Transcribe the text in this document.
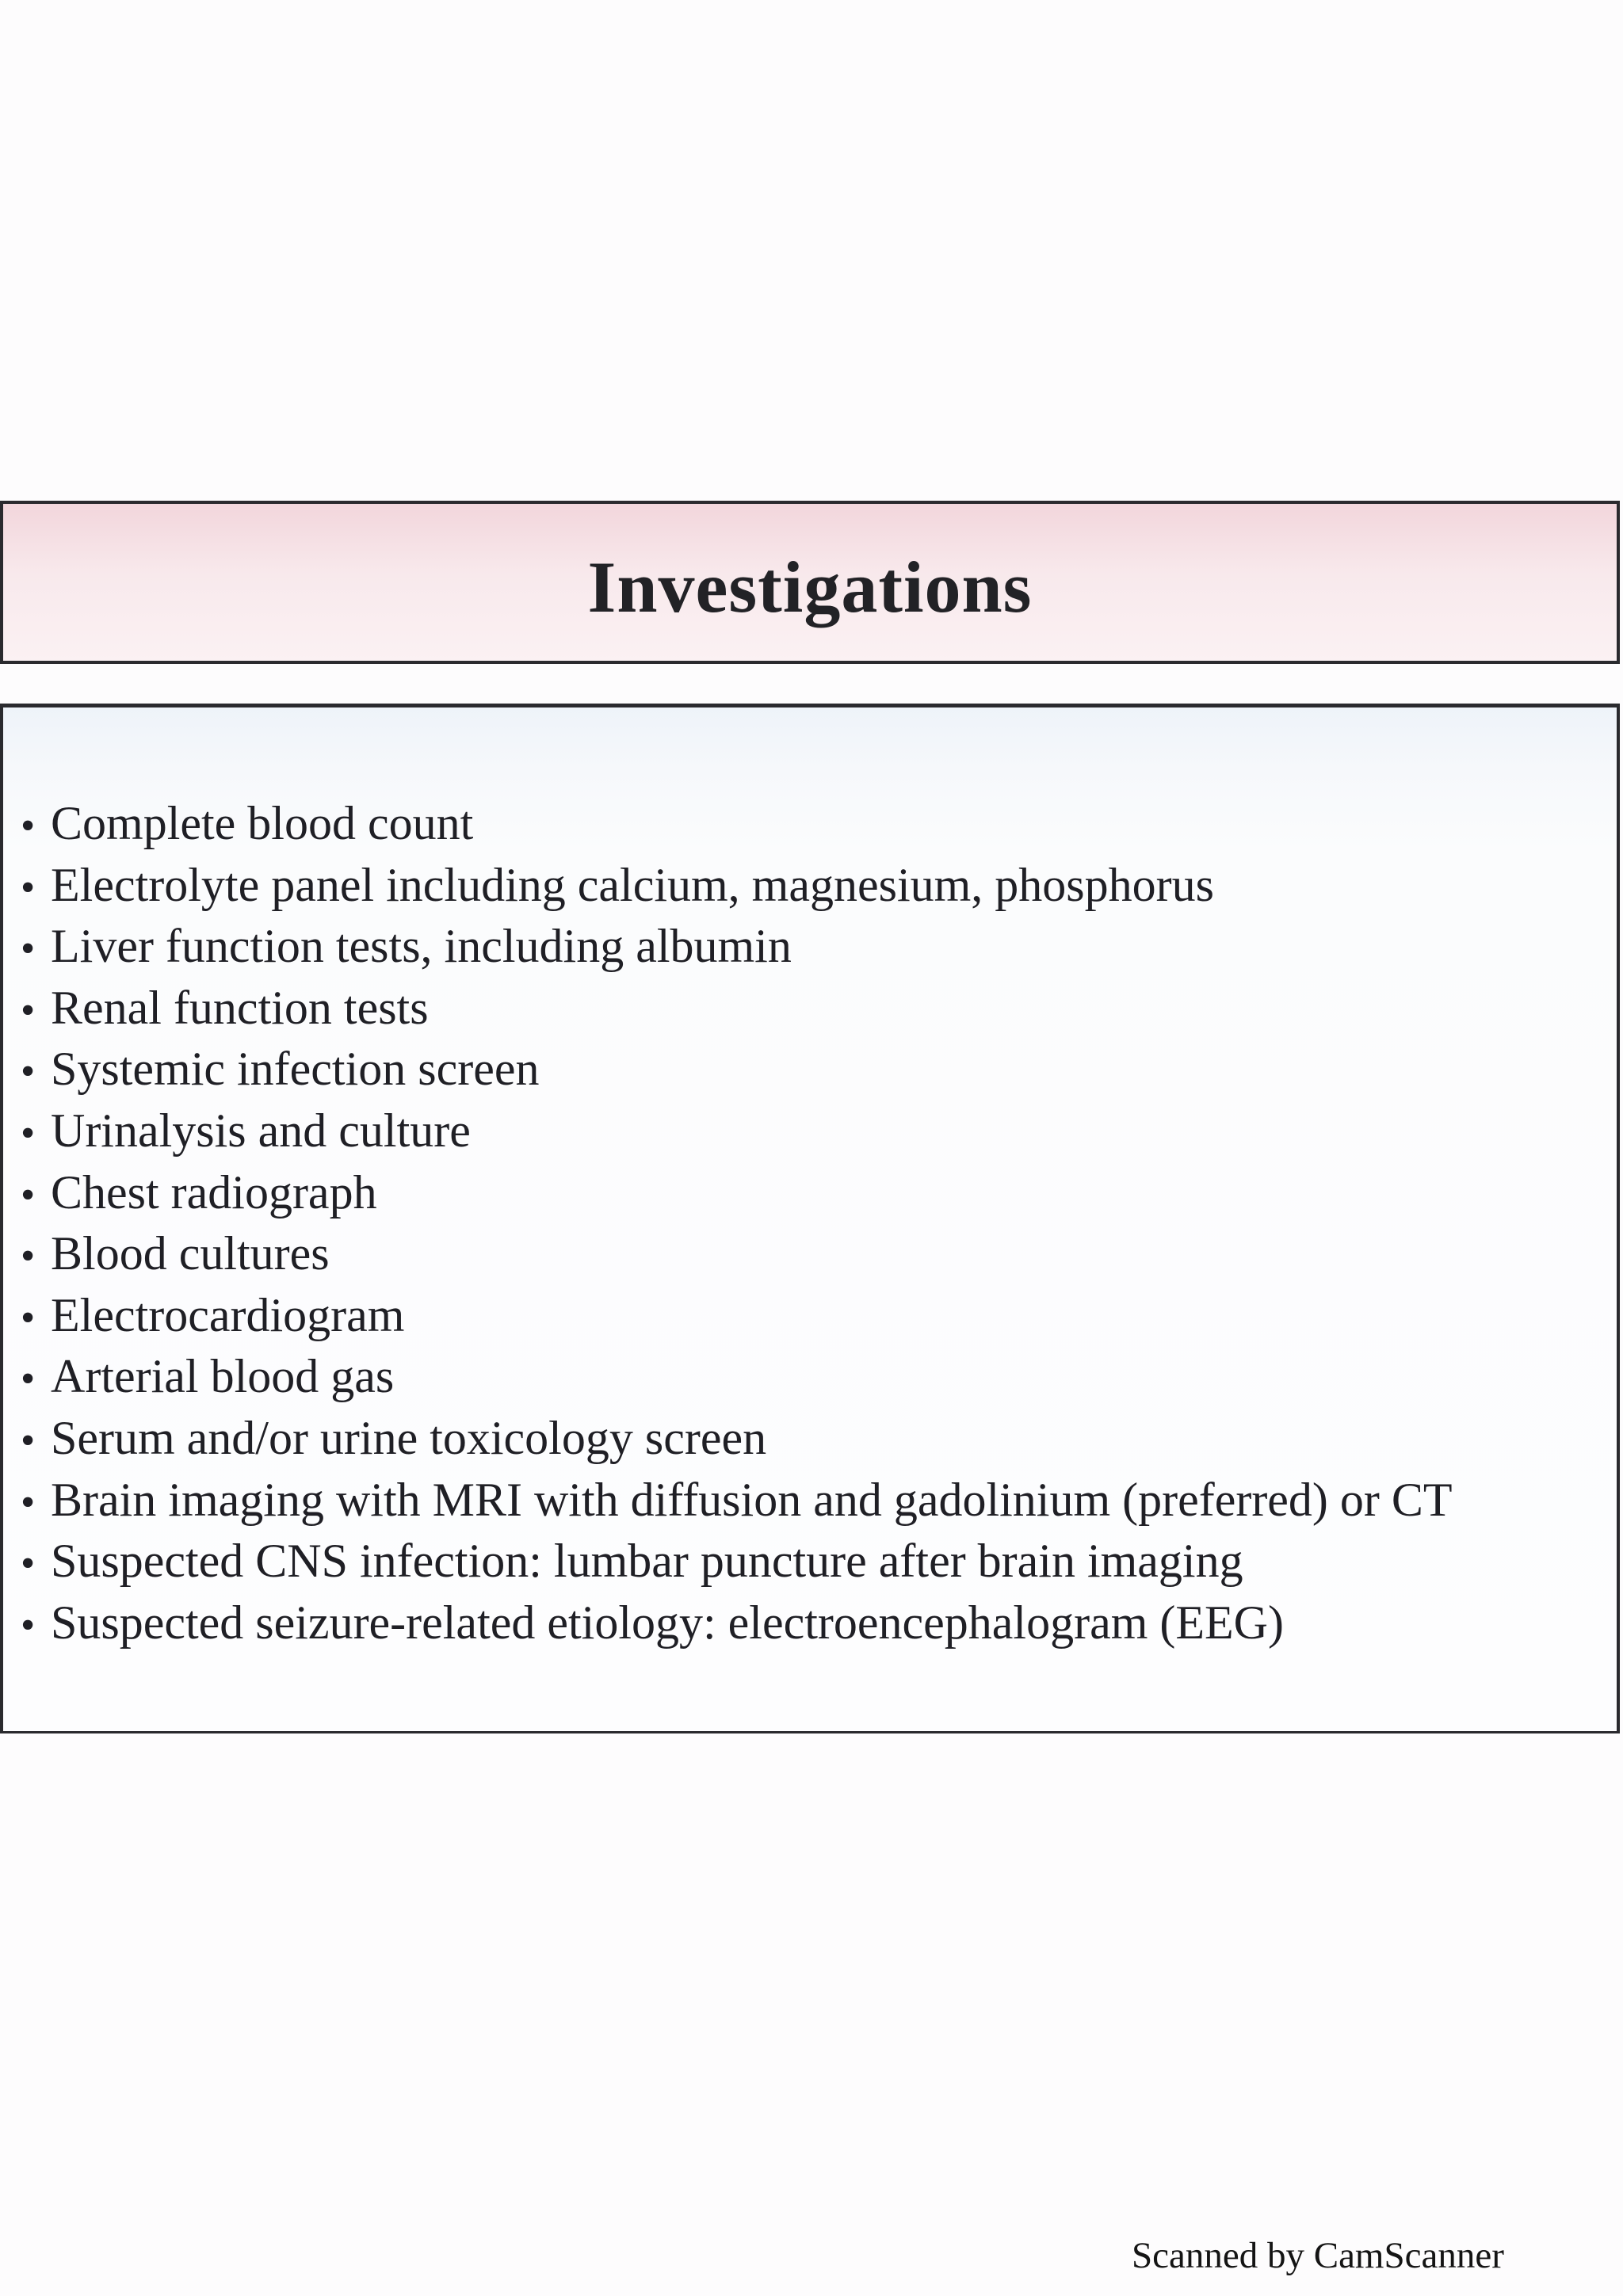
Investigations
• Complete blood count
• Electrolyte panel including calcium, magnesium, phosphorus
• Liver function tests, including albumin
• Renal function tests
• Systemic infection screen
• Urinalysis and culture
• Chest radiograph
• Blood cultures
• Electrocardiogram
• Arterial blood gas
• Serum and/or urine toxicology screen
• Brain imaging with MRI with diffusion and gadolinium (preferred) or CT
• Suspected CNS infection: lumbar puncture after brain imaging
• Suspected seizure-related etiology: electroencephalogram (EEG)
Scanned by CamScanner
